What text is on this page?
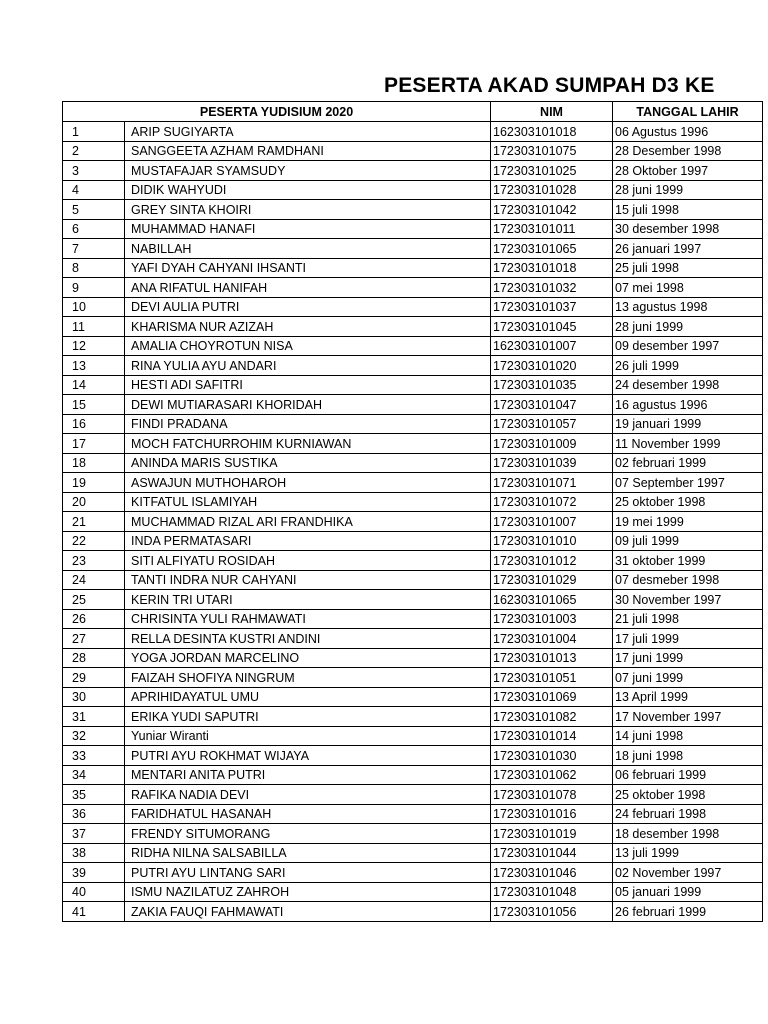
PESERTA AKAD SUMPAH D3 KE
PESERTA YUDISIUM 2020		NIM	TANGGAL LAHIR
1	ARIP SUGIYARTA	162303101018	06 Agustus 1996
2	SANGGEETA AZHAM RAMDHANI	172303101075	28 Desember 1998
3	MUSTAFAJAR SYAMSUDY	172303101025	28 Oktober 1997
4	DIDIK WAHYUDI	172303101028	28 juni 1999
5	GREY SINTA KHOIRI	172303101042	15 juli 1998
6	MUHAMMAD HANAFI	172303101011	30 desember 1998
7	NABILLAH	172303101065	26 januari 1997
8	YAFI DYAH CAHYANI IHSANTI	172303101018	25 juli 1998
9	ANA RIFATUL HANIFAH	172303101032	07 mei 1998
10	DEVI AULIA PUTRI	172303101037	13 agustus 1998
11	KHARISMA NUR AZIZAH	172303101045	28 juni 1999
12	AMALIA CHOYROTUN NISA	162303101007	09 desember 1997
13	RINA YULIA AYU ANDARI	172303101020	26 juli 1999
14	HESTI ADI SAFITRI	172303101035	24 desember 1998
15	DEWI MUTIARASARI KHORIDAH	172303101047	16 agustus 1996
16	FINDI PRADANA	172303101057	19 januari 1999
17	MOCH FATCHURROHIM KURNIAWAN	172303101009	11 November 1999
18	ANINDA MARIS SUSTIKA	172303101039	02 februari 1999
19	ASWAJUN MUTHOHAROH	172303101071	07 September 1997
20	KITFATUL ISLAMIYAH	172303101072	25 oktober 1998
21	MUCHAMMAD RIZAL ARI FRANDHIKA	172303101007	19 mei 1999
22	INDA PERMATASARI	172303101010	09 juli 1999
23	SITI ALFIYATU ROSIDAH	172303101012	31 oktober 1999
24	TANTI INDRA NUR CAHYANI	172303101029	07 desmeber 1998
25	KERIN TRI UTARI	162303101065	30 November 1997
26	CHRISINTA YULI RAHMAWATI	172303101003	21 juli 1998
27	RELLA DESINTA KUSTRI ANDINI	172303101004	17 juli 1999
28	YOGA JORDAN MARCELINO	172303101013	17 juni 1999
29	FAIZAH SHOFIYA NINGRUM	172303101051	07 juni 1999
30	APRIHIDAYATUL UMU	172303101069	13 April 1999
31	ERIKA YUDI SAPUTRI	172303101082	17 November 1997
32	Yuniar Wiranti	172303101014	14 juni 1998
33	PUTRI AYU ROKHMAT WIJAYA	172303101030	18 juni 1998
34	MENTARI ANITA PUTRI	172303101062	06 februari 1999
35	RAFIKA NADIA DEVI	172303101078	25 oktober 1998
36	FARIDHATUL HASANAH	172303101016	24 februari 1998
37	FRENDY SITUMORANG	172303101019	18 desember 1998
38	RIDHA NILNA SALSABILLA	172303101044	13 juli 1999
39	PUTRI AYU LINTANG SARI	172303101046	02 November 1997
40	ISMU NAZILATUZ ZAHROH	172303101048	05 januari 1999
41	ZAKIA FAUQI FAHMAWATI	172303101056	26 februari 1999
